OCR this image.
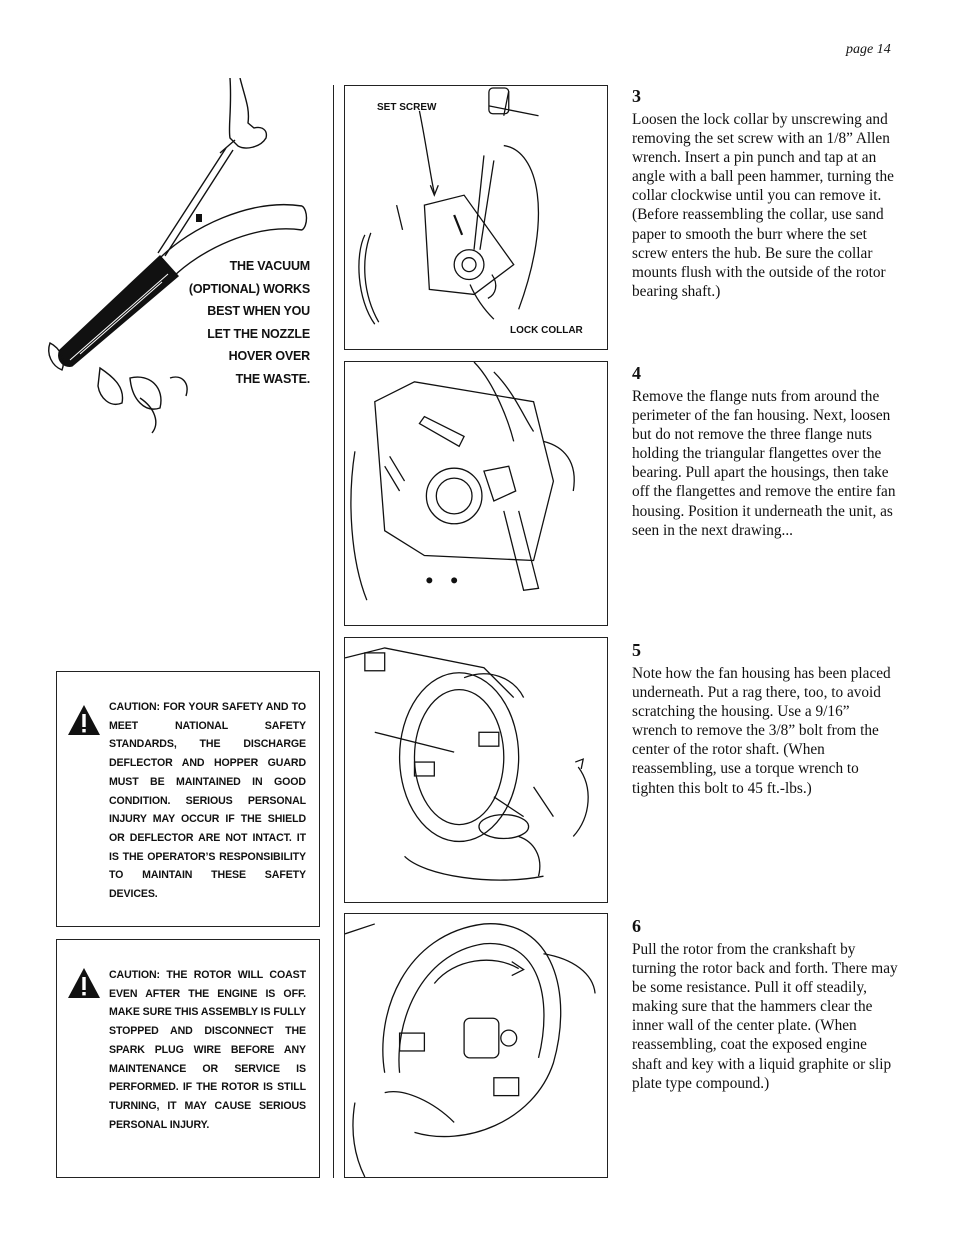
page 14
THE VACUUM
(OPTIONAL) WORKS
BEST WHEN YOU
LET THE NOZZLE
HOVER OVER
THE WASTE.
CAUTION: FOR YOUR SAFETY AND TO MEET NATIONAL SAFETY STANDARDS, THE DISCHARGE DEFLECTOR AND HOPPER GUARD MUST BE MAINTAINED IN GOOD CONDITION. SERIOUS PERSONAL INJURY MAY OCCUR IF THE SHIELD OR DEFLECTOR ARE NOT INTACT. IT IS THE OPERATOR’S RESPONSIBILITY TO MAINTAIN THESE SAFETY DEVICES.
CAUTION: THE ROTOR WILL COAST EVEN AFTER THE ENGINE IS OFF. MAKE SURE THIS ASSEMBLY IS FULLY STOPPED AND DISCONNECT THE SPARK PLUG WIRE BEFORE ANY MAINTENANCE OR SERVICE IS PERFORMED. IF THE ROTOR IS STILL TURNING, IT MAY CAUSE SERIOUS PERSONAL INJURY.
SET SCREW
LOCK COLLAR
3
Loosen the lock collar by unscrewing and removing the set screw with an 1/8” Allen wrench. Insert a pin punch and tap at an angle with a ball peen hammer, turning the collar clockwise until you can remove it. (Before reassembling the collar, use sand paper to smooth the burr where the set screw enters the hub. Be sure the collar mounts flush with the outside of the rotor bearing shaft.)
4
Remove the flange nuts from around the perimeter of the fan housing. Next, loosen but do not remove the three flange nuts holding the triangular flangettes over the bearing. Pull apart the housings, then take off the flangettes and remove the entire fan housing. Position it underneath the unit, as seen in the next drawing...
5
Note how the fan housing has been placed underneath. Put a rag there, too, to avoid scratching the housing. Use a 9/16” wrench to remove the 3/8” bolt from the center of the rotor shaft. (When reassembling, use a torque wrench to tighten this bolt to 45 ft.-lbs.)
6
Pull the rotor from the crankshaft by turning the rotor back and forth. There may be some resistance. Pull it off steadily, making sure that the hammers clear the inner wall of the center plate. (When reassembling, coat the exposed engine shaft and key with a liquid graphite or slip plate type compound.)
